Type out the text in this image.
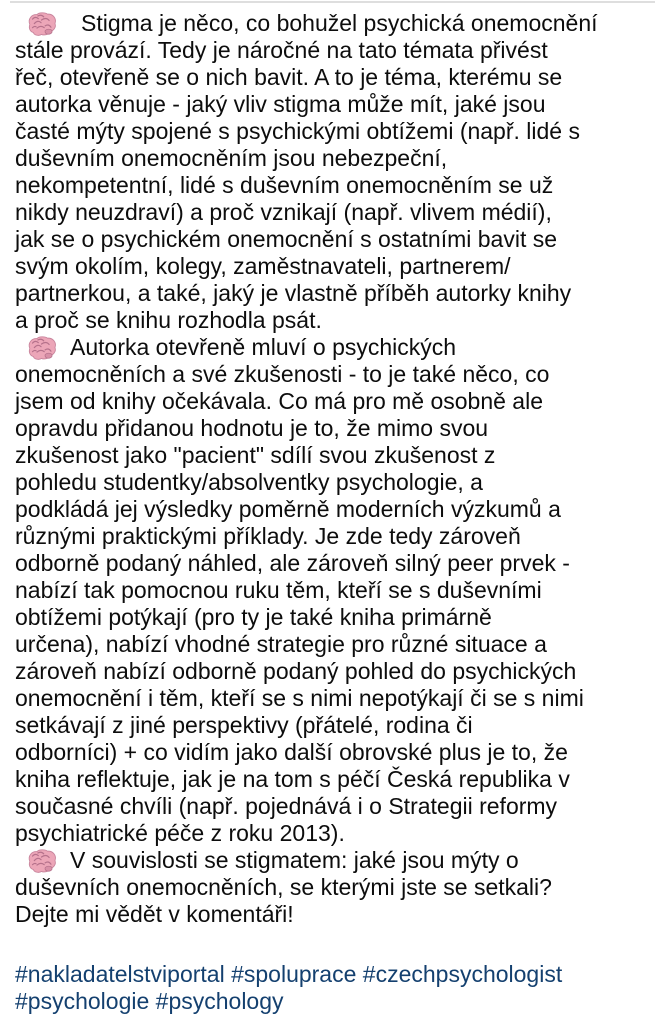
Stigma je něco, co bohužel psychická onemocnění
stále provází. Tedy je náročné na tato témata přivést
řeč, otevřeně se o nich bavit. A to je téma, kterému se
autorka věnuje - jaký vliv stigma může mít, jaké jsou
časté mýty spojené s psychickými obtížemi (např. lidé s
duševním onemocněním jsou nebezpeční,
nekompetentní, lidé s duševním onemocněním se už
nikdy neuzdraví) a proč vznikají (např. vlivem médií),
jak se o psychickém onemocnění s ostatními bavit se
svým okolím, kolegy, zaměstnavateli, partnerem/
partnerkou, a také, jaký je vlastně příběh autorky knihy
a proč se knihu rozhodla psát.
Autorka otevřeně mluví o psychických
onemocněních a své zkušenosti - to je také něco, co
jsem od knihy očekávala. Co má pro mě osobně ale
opravdu přidanou hodnotu je to, že mimo svou
zkušenost jako "pacient" sdílí svou zkušenost z
pohledu studentky/absolventky psychologie, a
podkládá jej výsledky poměrně moderních výzkumů a
různými praktickými příklady. Je zde tedy zároveň
odborně podaný náhled, ale zároveň silný peer prvek -
nabízí tak pomocnou ruku těm, kteří se s duševními
obtížemi potýkají (pro ty je také kniha primárně
určena), nabízí vhodné strategie pro různé situace a
zároveň nabízí odborně podaný pohled do psychických
onemocnění i těm, kteří se s nimi nepotýkají či se s nimi
setkávají z jiné perspektivy (přátelé, rodina či
odborníci) + co vidím jako další obrovské plus je to, že
kniha reflektuje, jak je na tom s péčí Česká republika v
současné chvíli (např. pojednává i o Strategii reformy
psychiatrické péče z roku 2013).
V souvislosti se stigmatem: jaké jsou mýty o
duševních onemocněních, se kterými jste se setkali?
Dejte mi vědět v komentáři!
#nakladatelstviportal #spoluprace #czechpsychologist
#psychologie #psychology
